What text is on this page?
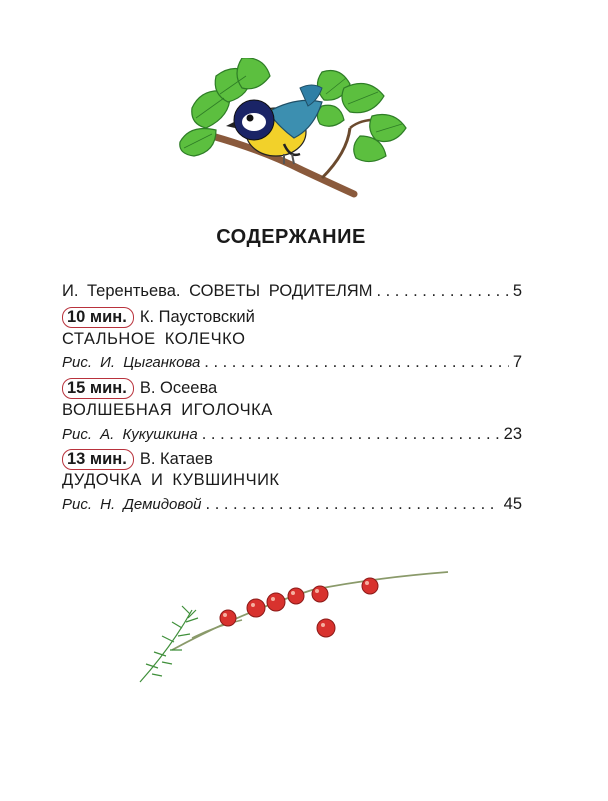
СОДЕРЖАНИЕ
И. Терентьева. СОВЕТЫ РОДИТЕЛЯМ . . .	5
10 мин. К. Паустовский
СТАЛЬНОЕ КОЛЕЧКО
Рис. И. Цыганкова . . .	7
15 мин. В. Осеева
ВОЛШЕБНАЯ ИГОЛОЧКА
Рис. А. Кукушкина . . .	23
13 мин. В. Катаев
ДУДОЧКА И КУВШИНЧИК
Рис. Н. Демидовой . . .	45
